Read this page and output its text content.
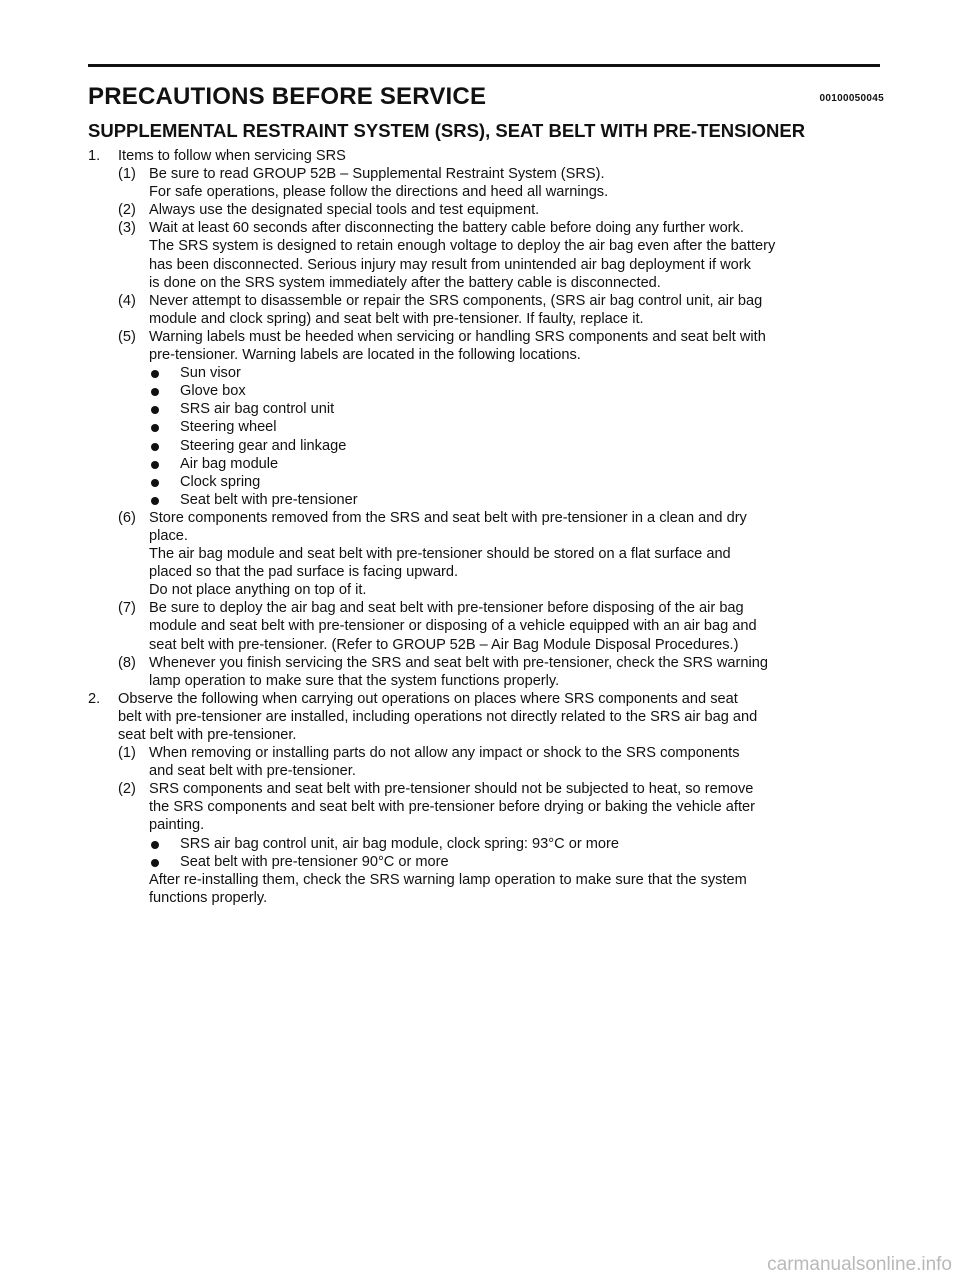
PRECAUTIONS BEFORE SERVICE	00100050045
SUPPLEMENTAL RESTRAINT SYSTEM (SRS), SEAT BELT WITH PRE-TENSIONER
1. Items to follow when servicing SRS
(1) Be sure to read GROUP 52B – Supplemental Restraint System (SRS).
For safe operations, please follow the directions and heed all warnings.
(2) Always use the designated special tools and test equipment.
(3) Wait at least 60 seconds after disconnecting the battery cable before doing any further work.
The SRS system is designed to retain enough voltage to deploy the air bag even after the battery
has been disconnected. Serious injury may result from unintended air bag deployment if work
is done on the SRS system immediately after the battery cable is disconnected.
(4) Never attempt to disassemble or repair the SRS components, (SRS air bag control unit, air bag
module and clock spring) and seat belt with pre-tensioner. If faulty, replace it.
(5) Warning labels must be heeded when servicing or handling SRS components and seat belt with
pre-tensioner. Warning labels are located in the following locations.
Sun visor
Glove box
SRS air bag control unit
Steering wheel
Steering gear and linkage
Air bag module
Clock spring
Seat belt with pre-tensioner
(6) Store components removed from the SRS and seat belt with pre-tensioner in a clean and dry
place.
The air bag module and seat belt with pre-tensioner should be stored on a flat surface and
placed so that the pad surface is facing upward.
Do not place anything on top of it.
(7) Be sure to deploy the air bag and seat belt with pre-tensioner before disposing of the air bag
module and seat belt with pre-tensioner or disposing of a vehicle equipped with an air bag and
seat belt with pre-tensioner. (Refer to GROUP 52B – Air Bag Module Disposal Procedures.)
(8) Whenever you finish servicing the SRS and seat belt with pre-tensioner, check the SRS warning
lamp operation to make sure that the system functions properly.
2. Observe the following when carrying out operations on places where SRS components and seat
belt with pre-tensioner are installed, including operations not directly related to the SRS air bag and
seat belt with pre-tensioner.
(1) When removing or installing parts do not allow any impact or shock to the SRS components
and seat belt with pre-tensioner.
(2) SRS components and seat belt with pre-tensioner should not be subjected to heat, so remove
the SRS components and seat belt with pre-tensioner before drying or baking the vehicle after
painting.
SRS air bag control unit, air bag module, clock spring: 93°C or more
Seat belt with pre-tensioner 90°C or more
After re-installing them, check the SRS warning lamp operation to make sure that the system
functions properly.
carmanualsonline.info
